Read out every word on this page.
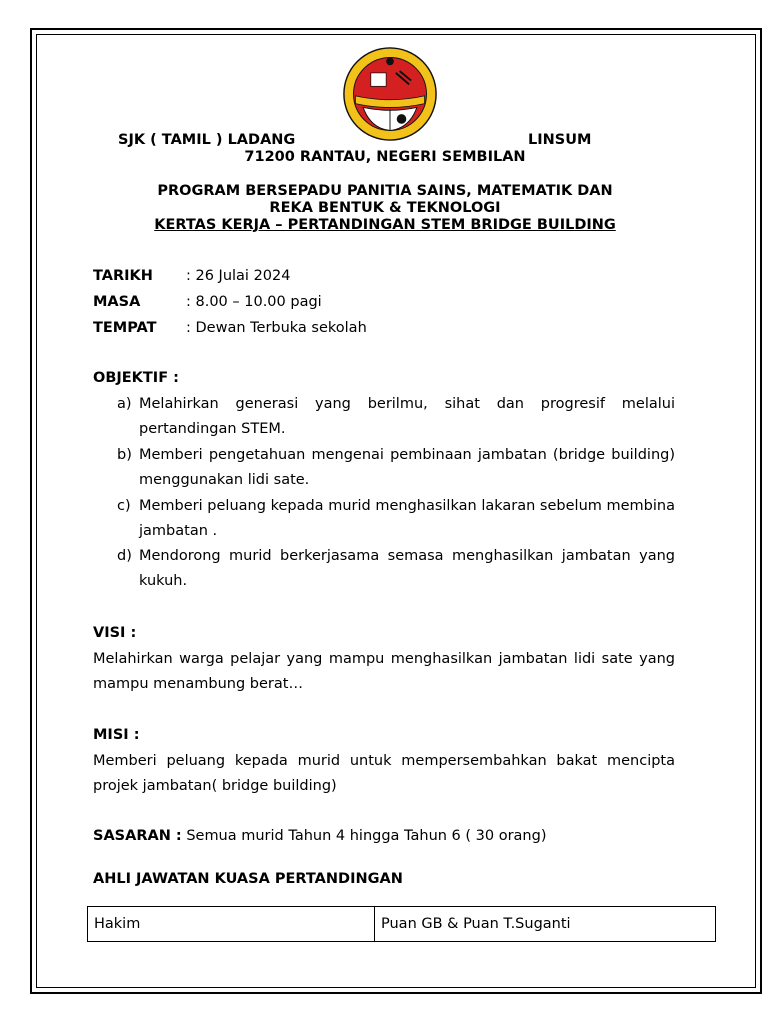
SJK ( TAMIL ) LADANG	LINSUM
71200 RANTAU, NEGERI SEMBILAN
PROGRAM BERSEPADU PANITIA SAINS, MATEMATIK DAN
REKA BENTUK & TEKNOLOGI
KERTAS KERJA – PERTANDINGAN STEM BRIDGE BUILDING
TARIKH : 26 Julai 2024
MASA	: 8.00 – 10.00 pagi
TEMPAT : Dewan Terbuka sekolah
OBJEKTIF :
a) Melahirkan generasi yang berilmu, sihat dan progresif melalui pertandingan STEM.
b) Memberi pengetahuan mengenai pembinaan jambatan (bridge building) menggunakan lidi sate.
c) Memberi peluang kepada murid menghasilkan lakaran sebelum membina jambatan .
d) Mendorong murid berkerjasama semasa menghasilkan jambatan yang kukuh.
VISI :
Melahirkan warga pelajar yang mampu menghasilkan jambatan lidi sate yang mampu menambung berat…
MISI :
Memberi peluang kepada murid untuk mempersembahkan bakat mencipta projek jambatan( bridge building)
SASARAN : Semua murid Tahun 4 hingga Tahun 6 ( 30 orang)
AHLI JAWATAN KUASA PERTANDINGAN
Hakim	Puan GB & Puan T.Suganti
